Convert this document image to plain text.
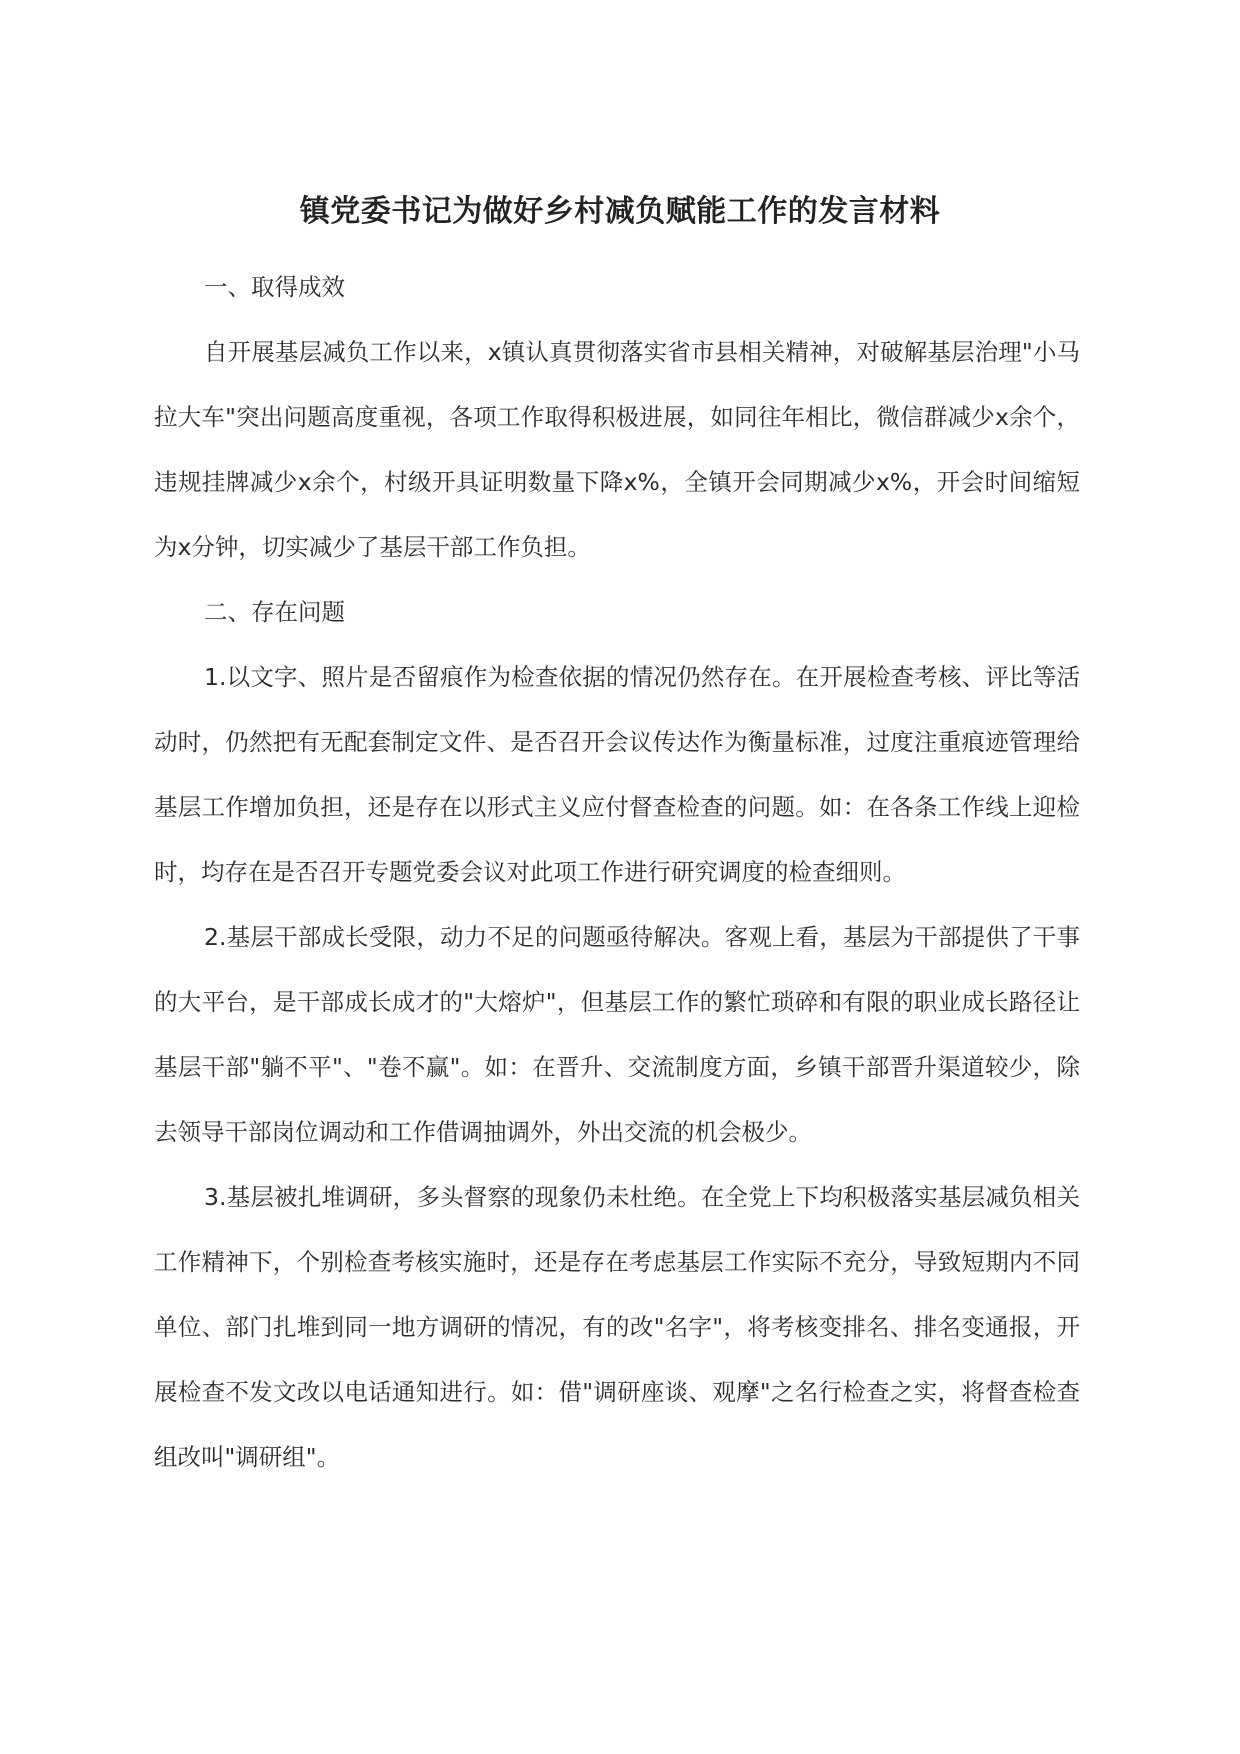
镇党委书记为做好乡村减负赋能工作的发言材料

一、取得成效

自开展基层减负工作以来，x镇认真贯彻落实省市县相关精神，对破解基层治理"小马拉大车"突出问题高度重视，各项工作取得积极进展，如同往年相比，微信群减少x余个，违规挂牌减少x余个，村级开具证明数量下降x%，全镇开会同期减少x%，开会时间缩短为x分钟，切实减少了基层干部工作负担。

二、存在问题

1.以文字、照片是否留痕作为检查依据的情况仍然存在。在开展检查考核、评比等活动时，仍然把有无配套制定文件、是否召开会议传达作为衡量标准，过度注重痕迹管理给基层工作增加负担，还是存在以形式主义应付督查检查的问题。如：在各条工作线上迎检时，均存在是否召开专题党委会议对此项工作进行研究调度的检查细则。

2.基层干部成长受限，动力不足的问题亟待解决。客观上看，基层为干部提供了干事的大平台，是干部成长成才的"大熔炉"，但基层工作的繁忙琐碎和有限的职业成长路径让基层干部"躺不平"、"卷不赢"。如：在晋升、交流制度方面，乡镇干部晋升渠道较少，除去领导干部岗位调动和工作借调抽调外，外出交流的机会极少。

3.基层被扎堆调研，多头督察的现象仍未杜绝。在全党上下均积极落实基层减负相关工作精神下，个别检查考核实施时，还是存在考虑基层工作实际不充分，导致短期内不同单位、部门扎堆到同一地方调研的情况，有的改"名字"，将考核变排名、排名变通报，开展检查不发文改以电话通知进行。如：借"调研座谈、观摩"之名行检查之实，将督查检查组改叫"调研组"。
